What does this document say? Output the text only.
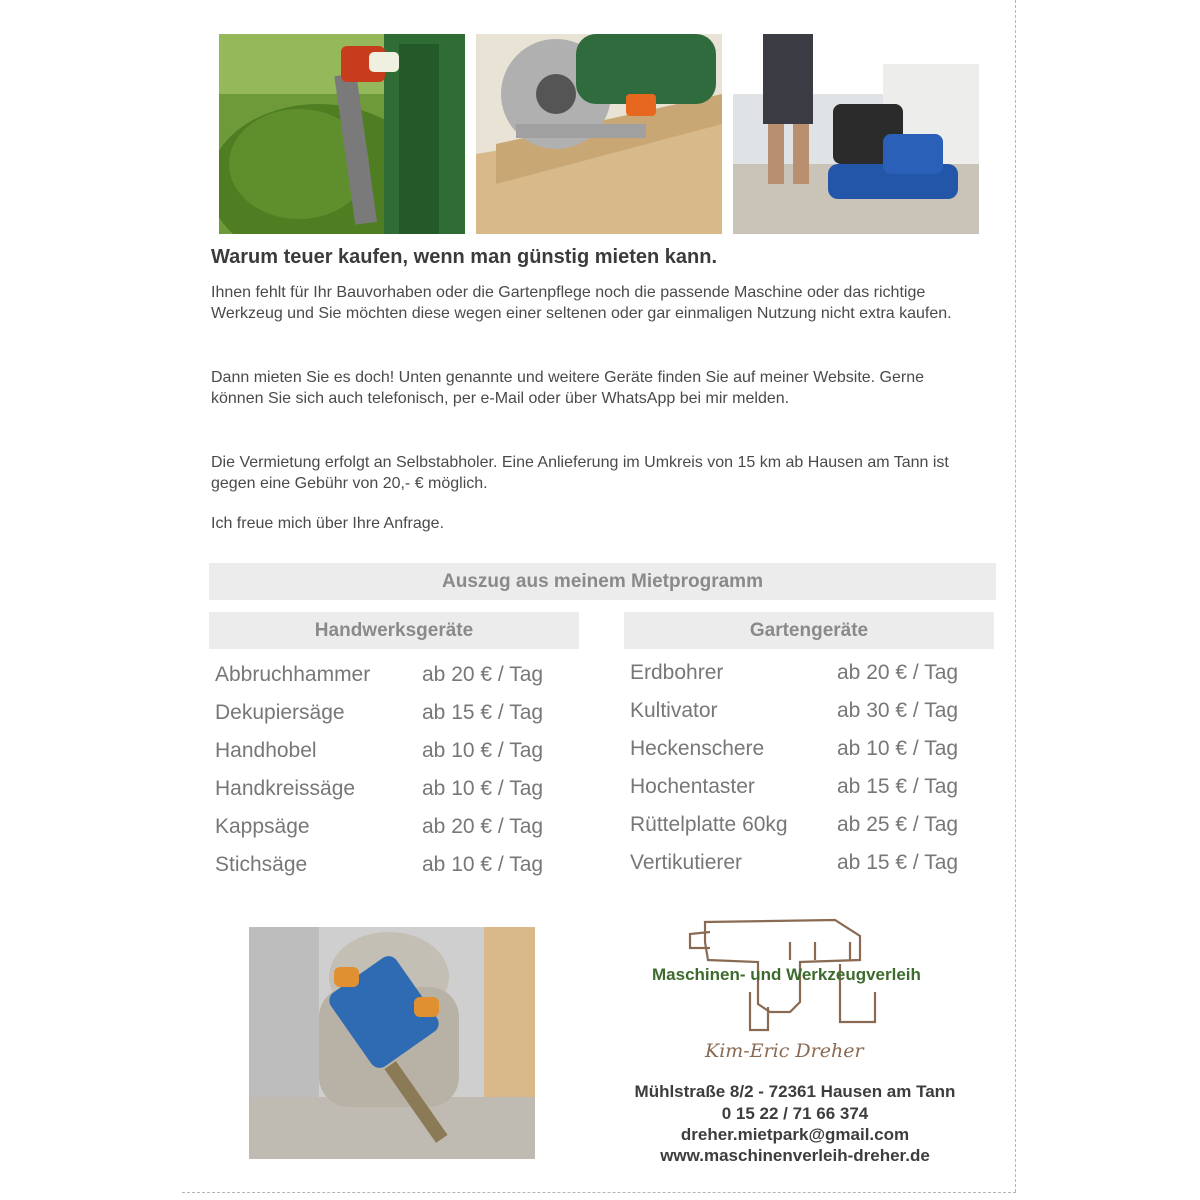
Warum teuer kaufen, wenn man günstig mieten kann.

Ihnen fehlt für Ihr Bauvorhaben oder die Gartenpflege noch die passende Maschine oder das richtige Werkzeug und Sie möchten diese wegen einer seltenen oder gar einmaligen Nutzung nicht extra kaufen.

Dann mieten Sie es doch! Unten genannte und weitere Geräte finden Sie auf meiner Website. Gerne können Sie sich auch telefonisch, per e-Mail oder über WhatsApp bei mir melden.

Die Vermietung erfolgt an Selbstabholer. Eine Anlieferung im Umkreis von 15 km ab Hausen am Tann ist gegen eine Gebühr von 20,- € möglich.

Ich freue mich über Ihre Anfrage.

Auszug aus meinem Mietprogramm
Handwerksgeräte
Abbruchhammer	ab 20 € / Tag
Dekupiersäge	ab 15 € / Tag
Handhobel	ab 10 € / Tag
Handkreissäge	ab 10 € / Tag
Kappsäge	ab 20 € / Tag
Stichsäge	ab 10 € / Tag
Gartengeräte
Erdbohrer	ab 20 € / Tag
Kultivator	ab 30 € / Tag
Heckenschere	ab 10 € / Tag
Hochentaster	ab 15 € / Tag
Rüttelplatte 60kg	ab 25 € / Tag
Vertikutierer	ab 15 € / Tag
Maschinen- und Werkzeugverleih
Kim-Eric Dreher
Mühlstraße 8/2 - 72361 Hausen am Tann
0 15 22 / 71 66 374
dreher.mietpark@gmail.com
www.maschinenverleih-dreher.de
